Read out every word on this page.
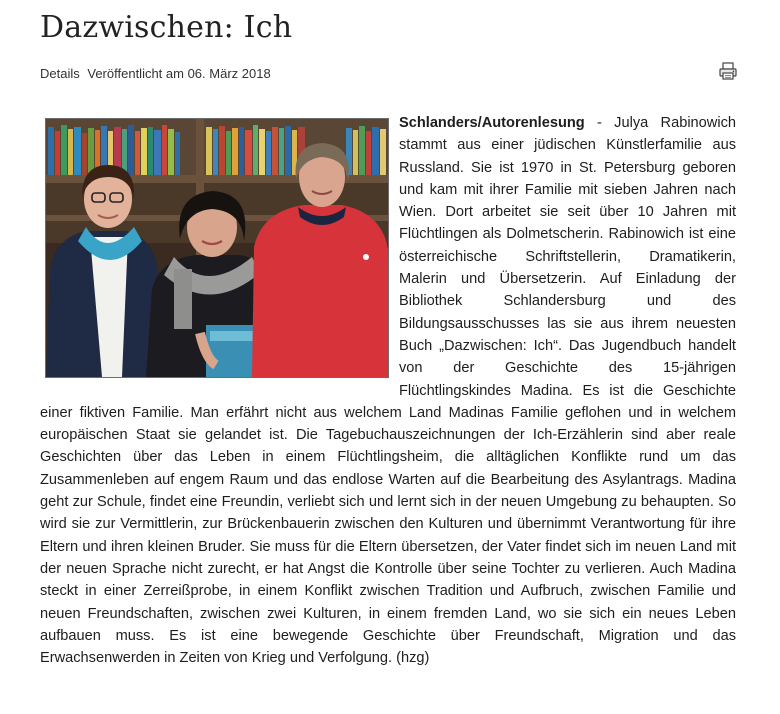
Dazwischen: Ich
Details Veröffentlicht am 06. März 2018
Schlanders/Autorenlesung - Julya Rabinowich stammt aus einer jüdischen Künstlerfamilie aus Russland. Sie ist 1970 in St. Petersburg geboren und kam mit ihrer Familie mit sieben Jahren nach Wien. Dort arbeitet sie seit über 10 Jahren mit Flüchtlingen als Dolmetscherin. Rabinowich ist eine österreichische Schriftstellerin, Dramatikerin, Malerin und Übersetzerin. Auf Einladung der Bibliothek Schlandersburg und des Bildungsausschusses las sie aus ihrem neuesten Buch „Dazwischen: Ich“. Das Jugendbuch handelt von der Geschichte des 15-jährigen Flüchtlingskindes Madina. Es ist die Geschichte einer fiktiven Familie. Man erfährt nicht aus welchem Land Madinas Familie geflohen und in welchem europäischen Staat sie gelandet ist. Die Tagebuchauszeichnungen der Ich-Erzählerin sind aber reale Geschichten über das Leben in einem Flüchtlingsheim, die alltäglichen Konflikte rund um das Zusammenleben auf engem Raum und das endlose Warten auf die Bearbeitung des Asylantrags. Madina geht zur Schule, findet eine Freundin, verliebt sich und lernt sich in der neuen Umgebung zu behaupten. So wird sie zur Vermittlerin, zur Brückenbauerin zwischen den Kulturen und übernimmt Verantwortung für ihre Eltern und ihren kleinen Bruder. Sie muss für die Eltern übersetzen, der Vater findet sich im neuen Land mit der neuen Sprache nicht zurecht, er hat Angst die Kontrolle über seine Tochter zu verlieren. Auch Madina steckt in einer Zerreißprobe, in einem Konflikt zwischen Tradition und Aufbruch, zwischen Familie und neuen Freundschaften, zwischen zwei Kulturen, in einem fremden Land, wo sie sich ein neues Leben aufbauen muss. Es ist eine bewegende Geschichte über Freundschaft, Migration und das Erwachsenwerden in Zeiten von Krieg und Verfolgung. (hzg)
